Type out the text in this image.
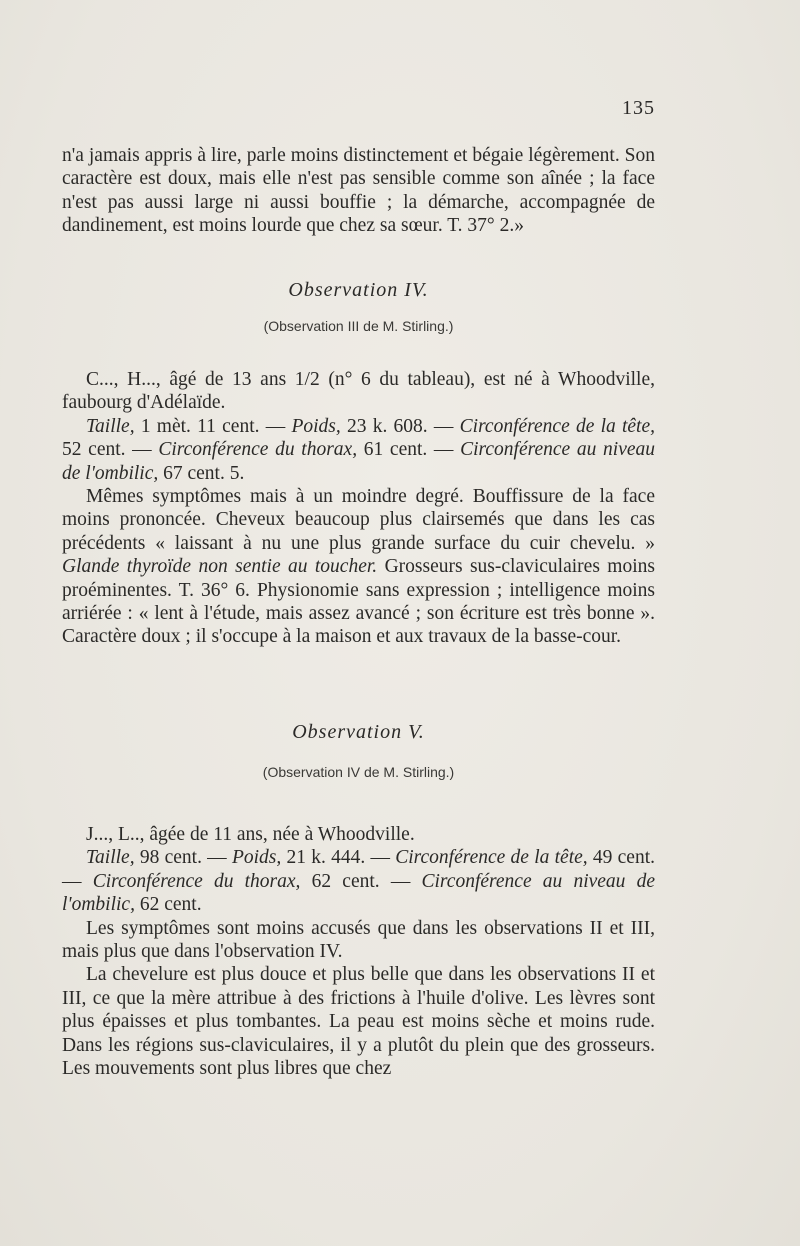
135

n'a jamais appris à lire, parle moins distinctement et bégaie légèrement. Son caractère est doux, mais elle n'est pas sensible comme son aînée ; la face n'est pas aussi large ni aussi bouffie ; la démarche, accompagnée de dandinement, est moins lourde que chez sa sœur. T. 37° 2.»

Observation IV.
(Observation III de M. Stirling.)

C..., H..., âgé de 13 ans 1/2 (n° 6 du tableau), est né à Whoodville, faubourg d'Adélaïde.

Taille, 1 mèt. 11 cent. — Poids, 23 k. 608. — Circonférence de la tête, 52 cent. — Circonférence du thorax, 61 cent. — Circonférence au niveau de l'ombilic, 67 cent. 5.

Mêmes symptômes mais à un moindre degré. Bouffissure de la face moins prononcée. Cheveux beaucoup plus clairsemés que dans les cas précédents « laissant à nu une plus grande surface du cuir chevelu. » Glande thyroïde non sentie au toucher. Grosseurs sus-claviculaires moins proéminentes. T. 36° 6. Physionomie sans expression ; intelligence moins arriérée : « lent à l'étude, mais assez avancé ; son écriture est très bonne ». Caractère doux ; il s'occupe à la maison et aux travaux de la basse-cour.

Observation V.
(Observation IV de M. Stirling.)

J..., L.., âgée de 11 ans, née à Whoodville.

Taille, 98 cent. — Poids, 21 k. 444. — Circonférence de la tête, 49 cent. — Circonférence du thorax, 62 cent. — Circonférence au niveau de l'ombilic, 62 cent.

Les symptômes sont moins accusés que dans les observations II et III, mais plus que dans l'observation IV.

La chevelure est plus douce et plus belle que dans les observations II et III, ce que la mère attribue à des frictions à l'huile d'olive. Les lèvres sont plus épaisses et plus tombantes. La peau est moins sèche et moins rude. Dans les régions sus-claviculaires, il y a plutôt du plein que des grosseurs. Les mouvements sont plus libres que chez
